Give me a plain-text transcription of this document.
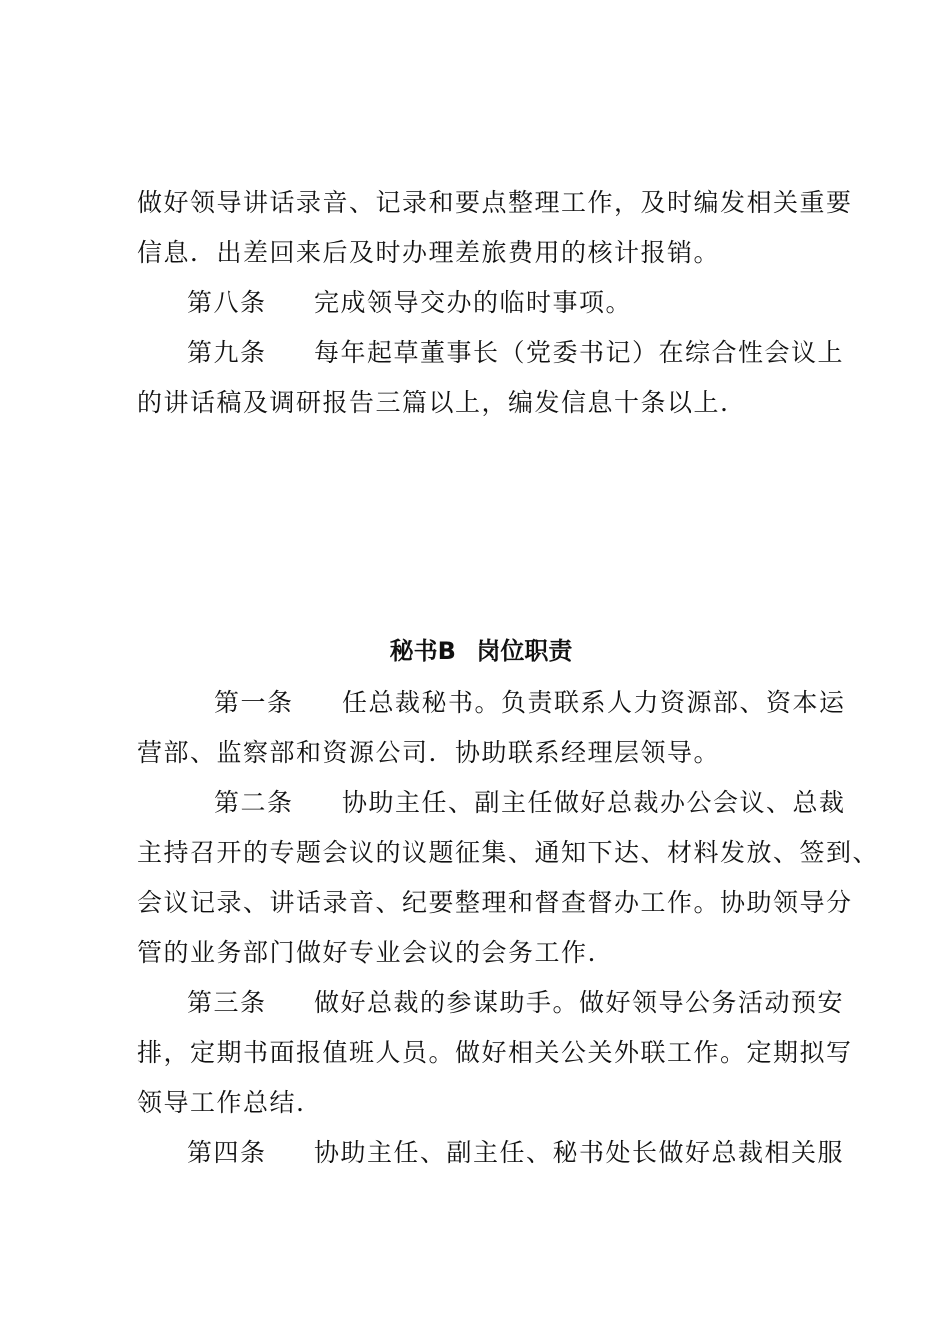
做好领导讲话录音、记录和要点整理工作，及时编发相关重要
信息．出差回来后及时办理差旅费用的核计报销。
第八条 完成领导交办的临时事项。
第九条 每年起草董事长（党委书记）在综合性会议上
的讲话稿及调研报告三篇以上，编发信息十条以上.
秘书B 岗位职责
第一条 任总裁秘书。负责联系人力资源部、资本运
营部、监察部和资源公司．协助联系经理层领导。
第二条 协助主任、副主任做好总裁办公会议、总裁
主持召开的专题会议的议题征集、通知下达、材料发放、签到、
会议记录、讲话录音、纪要整理和督查督办工作。协助领导分
管的业务部门做好专业会议的会务工作.
第三条 做好总裁的参谋助手。做好领导公务活动预安
排，定期书面报值班人员。做好相关公关外联工作。定期拟写
领导工作总结.
第四条 协助主任、副主任、秘书处长做好总裁相关服
